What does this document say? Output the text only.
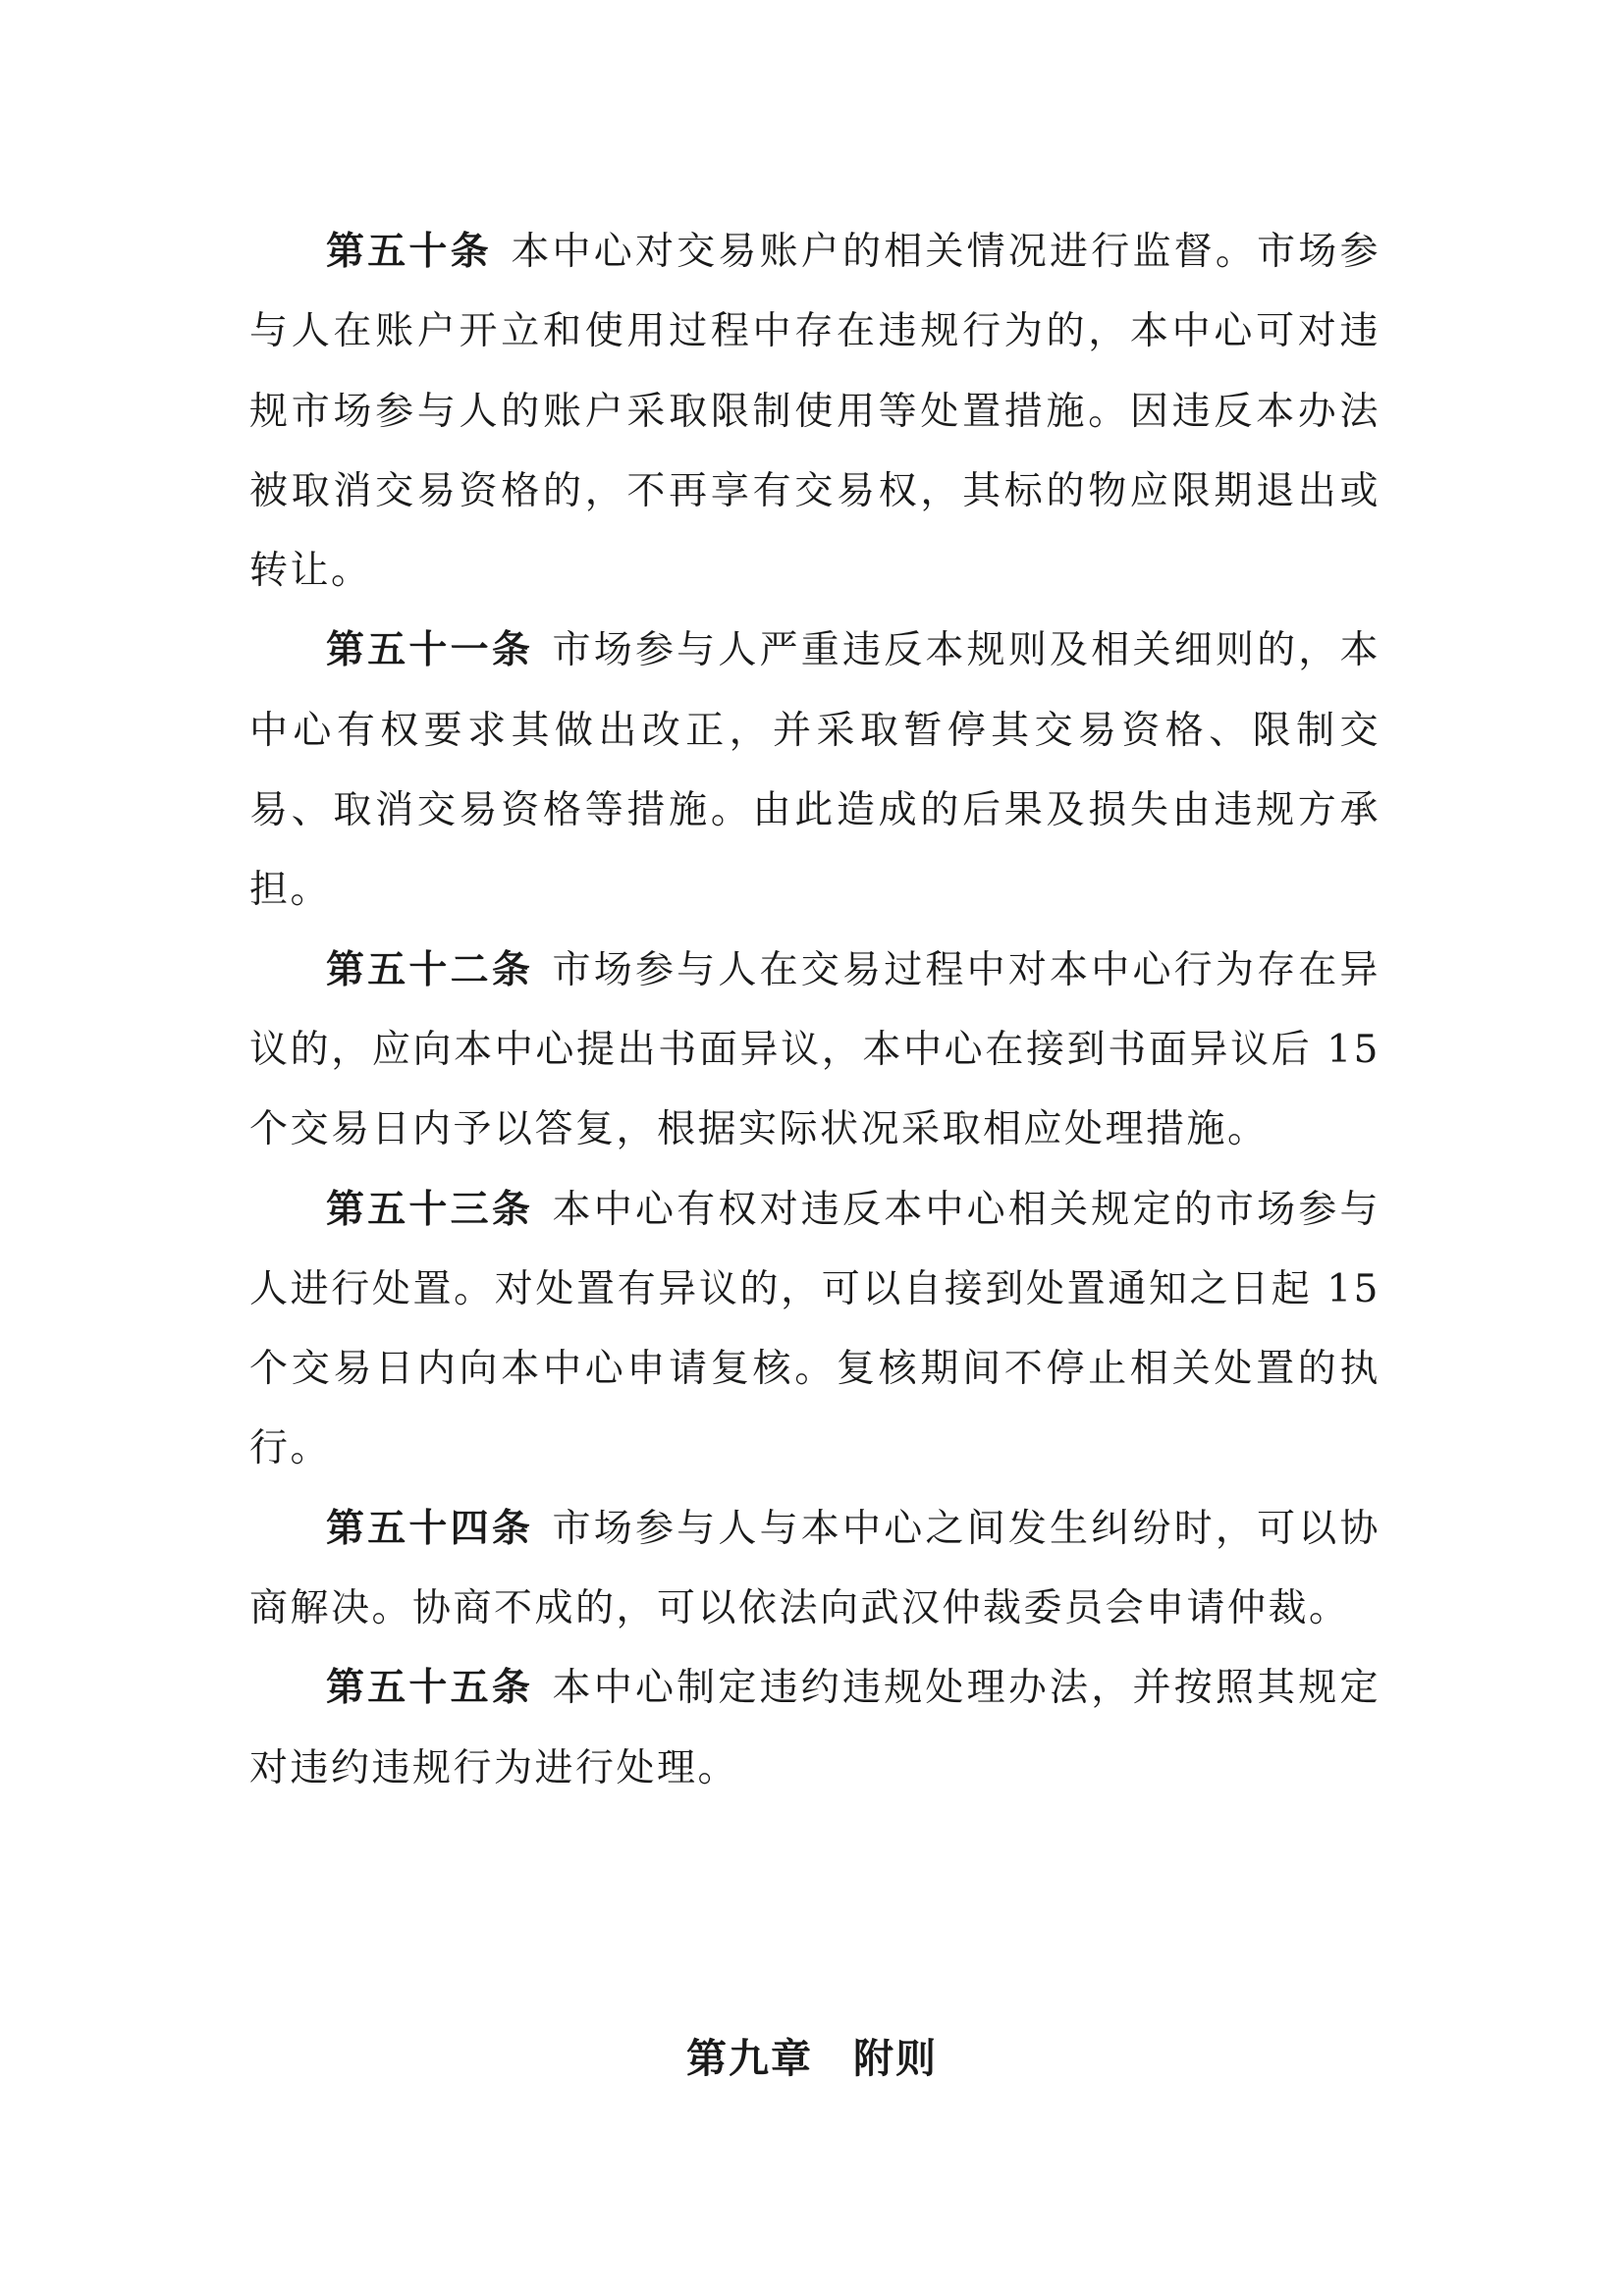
第五十条 本中心对交易账户的相关情况进行监督。市场参与人在账户开立和使用过程中存在违规行为的，本中心可对违规市场参与人的账户采取限制使用等处置措施。因违反本办法被取消交易资格的，不再享有交易权，其标的物应限期退出或转让。

第五十一条 市场参与人严重违反本规则及相关细则的，本中心有权要求其做出改正，并采取暂停其交易资格、限制交易、取消交易资格等措施。由此造成的后果及损失由违规方承担。

第五十二条 市场参与人在交易过程中对本中心行为存在异议的，应向本中心提出书面异议，本中心在接到书面异议后 15 个交易日内予以答复，根据实际状况采取相应处理措施。

第五十三条 本中心有权对违反本中心相关规定的市场参与人进行处置。对处置有异议的，可以自接到处置通知之日起 15 个交易日内向本中心申请复核。复核期间不停止相关处置的执行。

第五十四条 市场参与人与本中心之间发生纠纷时，可以协商解决。协商不成的，可以依法向武汉仲裁委员会申请仲裁。

第五十五条 本中心制定违约违规处理办法，并按照其规定对违约违规行为进行处理。

第九章 附则
